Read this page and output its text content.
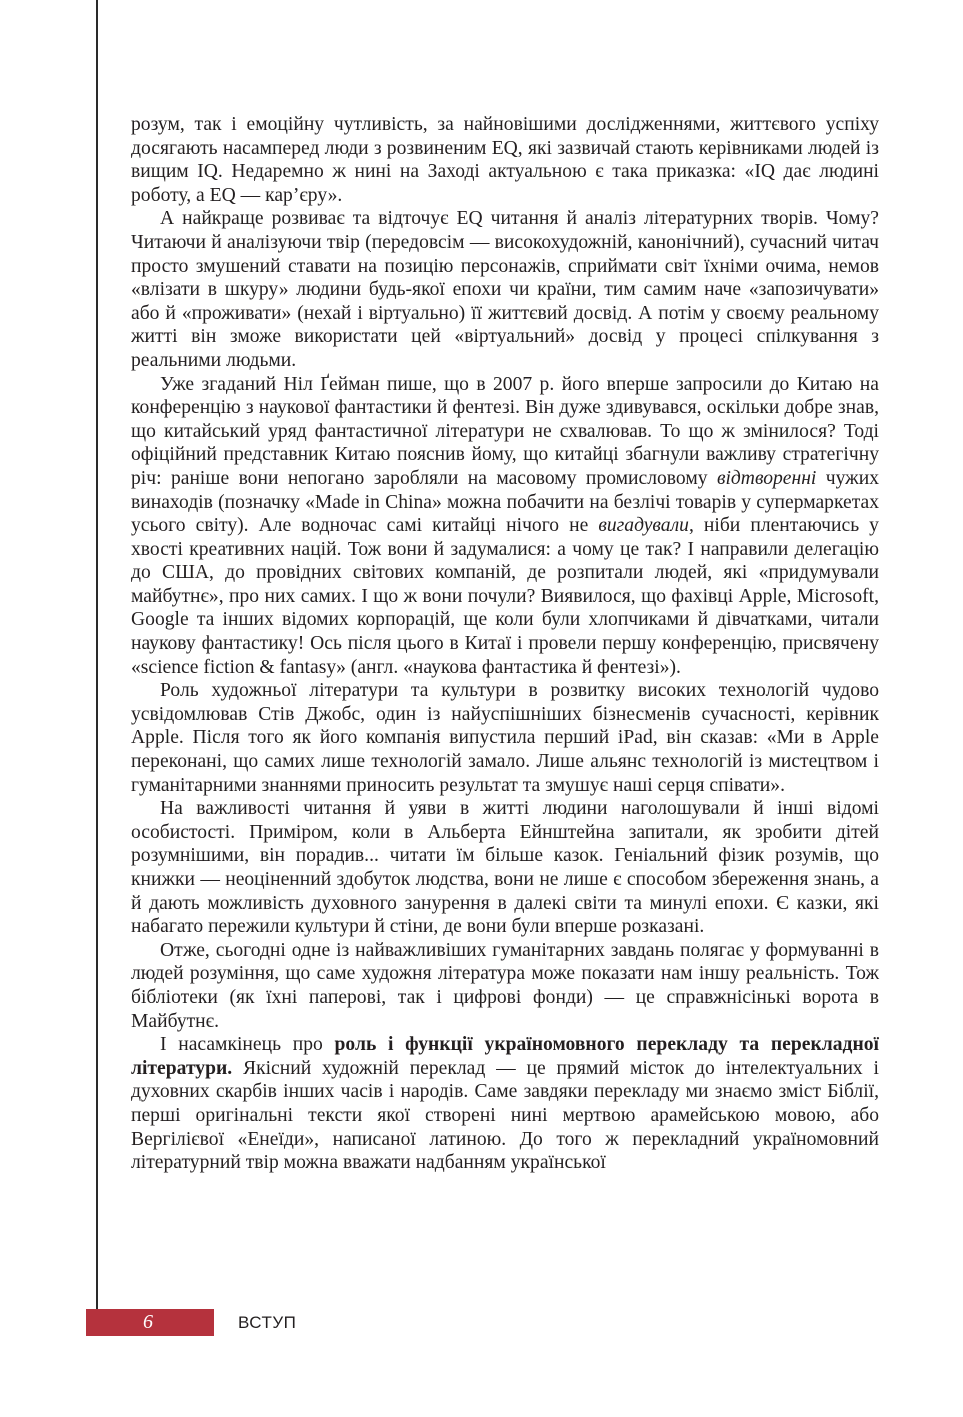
розум, так і емоційну чутливість, за найновішими дослідженнями, життєвого успіху досягають насамперед люди з розвиненим EQ, які зазвичай стають керівниками людей із вищим IQ. Недаремно ж нині на Заході актуальною є така приказка: «IQ дає людині роботу, а EQ — кар’єру».

А найкраще розвиває та відточує EQ читання й аналіз літературних творів. Чому? Читаючи й аналізуючи твір (передовсім — високохудожній, канонічний), сучасний читач просто змушений ставати на позицію персонажів, сприймати світ їхніми очима, немов «влізати в шкуру» людини будь-якої епохи чи країни, тим самим наче «запозичувати» або й «проживати» (нехай і віртуально) її життєвий досвід. А потім у своєму реальному житті він зможе використати цей «віртуальний» досвід у процесі спілкування з реальними людьми.

Уже згаданий Ніл Ґейман пише, що в 2007 р. його вперше запросили до Китаю на конференцію з наукової фантастики й фентезі. Він дуже здивувався, оскільки добре знав, що китайський уряд фантастичної літератури не схвалював. То що ж змінилося? Тоді офіційний представник Китаю пояснив йому, що китайці збагнули важливу стратегічну річ: раніше вони непогано заробляли на масовому промисловому відтворенні чужих винаходів (позначку «Made in China» можна побачити на безлічі товарів у супермаркетах усього світу). Але водночас самі китайці нічого не вигадували, ніби плентаючись у хвості креативних націй. Тож вони й задумалися: а чому це так? І направили делегацію до США, до провідних світових компаній, де розпитали людей, які «придумували майбутнє», про них самих. І що ж вони почули? Виявилося, що фахівці Apple, Microsoft, Google та інших відомих корпорацій, ще коли були хлопчиками й дівчатками, читали наукову фантастику! Ось після цього в Китаї і провели першу конференцію, присвячену «science fiction & fantasy» (англ. «наукова фантастика й фентезі»).

Роль художньої літератури та культури в розвитку високих технологій чудово усвідомлював Стів Джобс, один із найуспішніших бізнесменів сучасності, керівник Apple. Після того як його компанія випустила перший iPad, він сказав: «Ми в Apple переконані, що самих лише технологій замало. Лише альянс технологій із мистецтвом і гуманітарними знаннями приносить результат та змушує наші серця співати».

На важливості читання й уяви в житті людини наголошували й інші відомі особистості. Приміром, коли в Альберта Ейнштейна запитали, як зробити дітей розумнішими, він порадив... читати їм більше казок. Геніальний фізик розумів, що книжки — неоціненний здобуток людства, вони не лише є способом збереження знань, а й дають можливість духовного занурення в далекі світи та минулі епохи. Є казки, які набагато пережили культури й стіни, де вони були вперше розказані.

Отже, сьогодні одне із найважливіших гуманітарних завдань полягає у формуванні в людей розуміння, що саме художня література може показати нам іншу реальність. Тож бібліотеки (як їхні паперові, так і цифрові фонди) — це справжнісінькі ворота в Майбутнє.

І насамкінець про роль і функції україномовного перекладу та перекладної літератури. Якісний художній переклад — це прямий місток до інтелектуальних і духовних скарбів інших часів і народів. Саме завдяки перекладу ми знаємо зміст Біблії, перші оригінальні тексти якої створені нині мертвою арамейською мовою, або Вергілієвої «Енеїди», написаної латиною. До того ж перекладний україномовний літературний твір можна вважати надбанням української

6	ВСТУП
